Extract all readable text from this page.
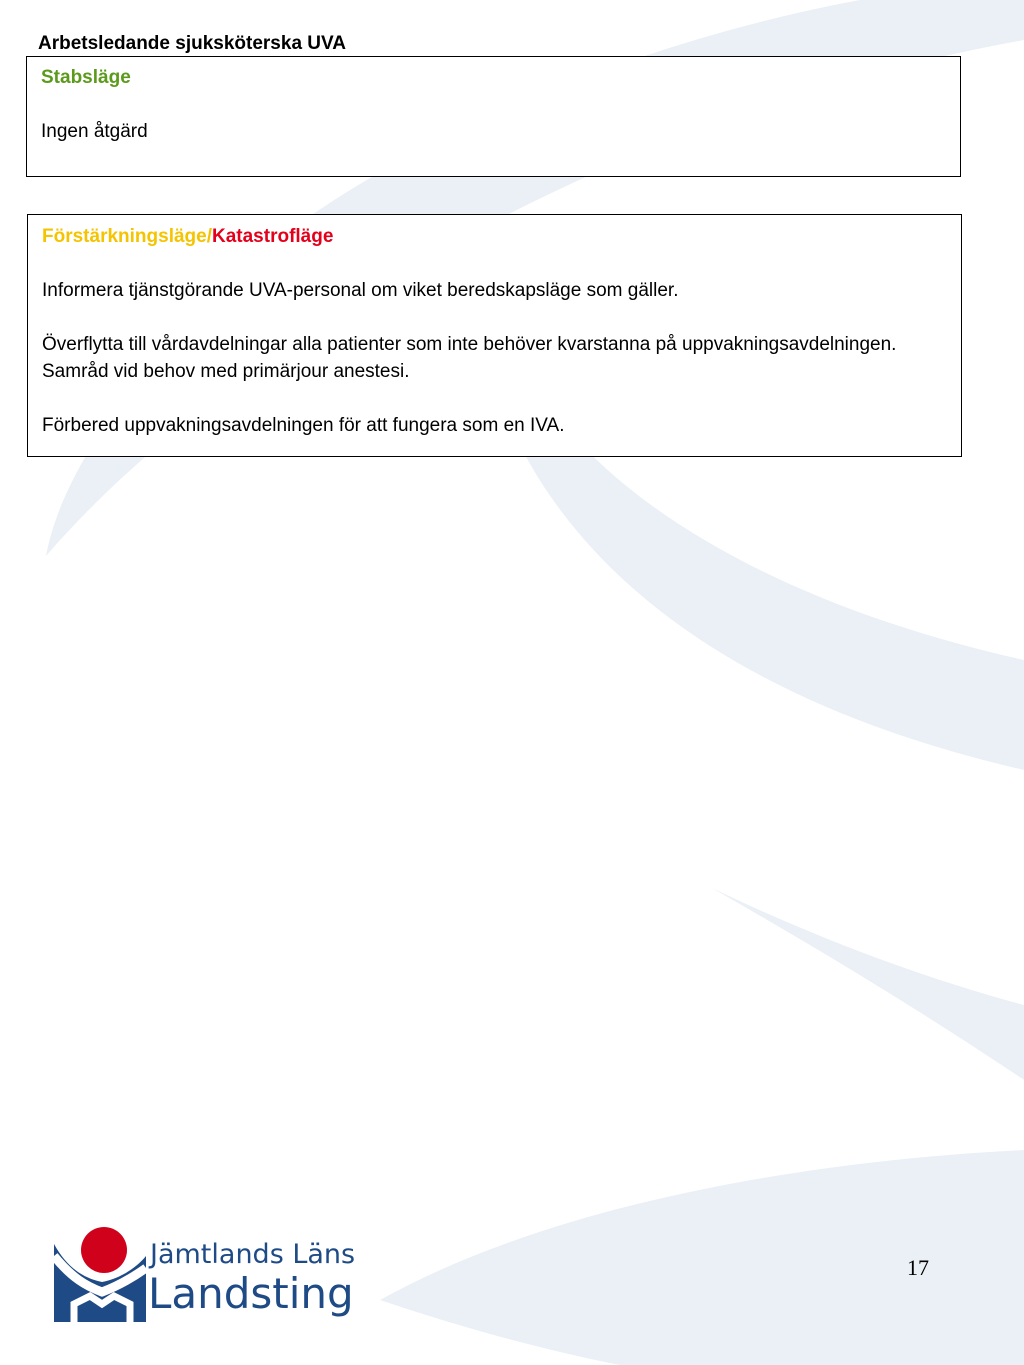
Arbetsledande sjuksköterska UVA

Stabsläge

Ingen åtgärd

Förstärkningsläge/Katastrofläge

Informera tjänstgörande UVA-personal om viket beredskapsläge som gäller.

Överflytta till vårdavdelningar alla patienter som inte behöver kvarstanna på uppvakningsavdelningen. Samråd vid behov med primärjour anestesi.

Förbered uppvakningsavdelningen för att fungera som en IVA.

Jämtlands Läns

Landsting

17
